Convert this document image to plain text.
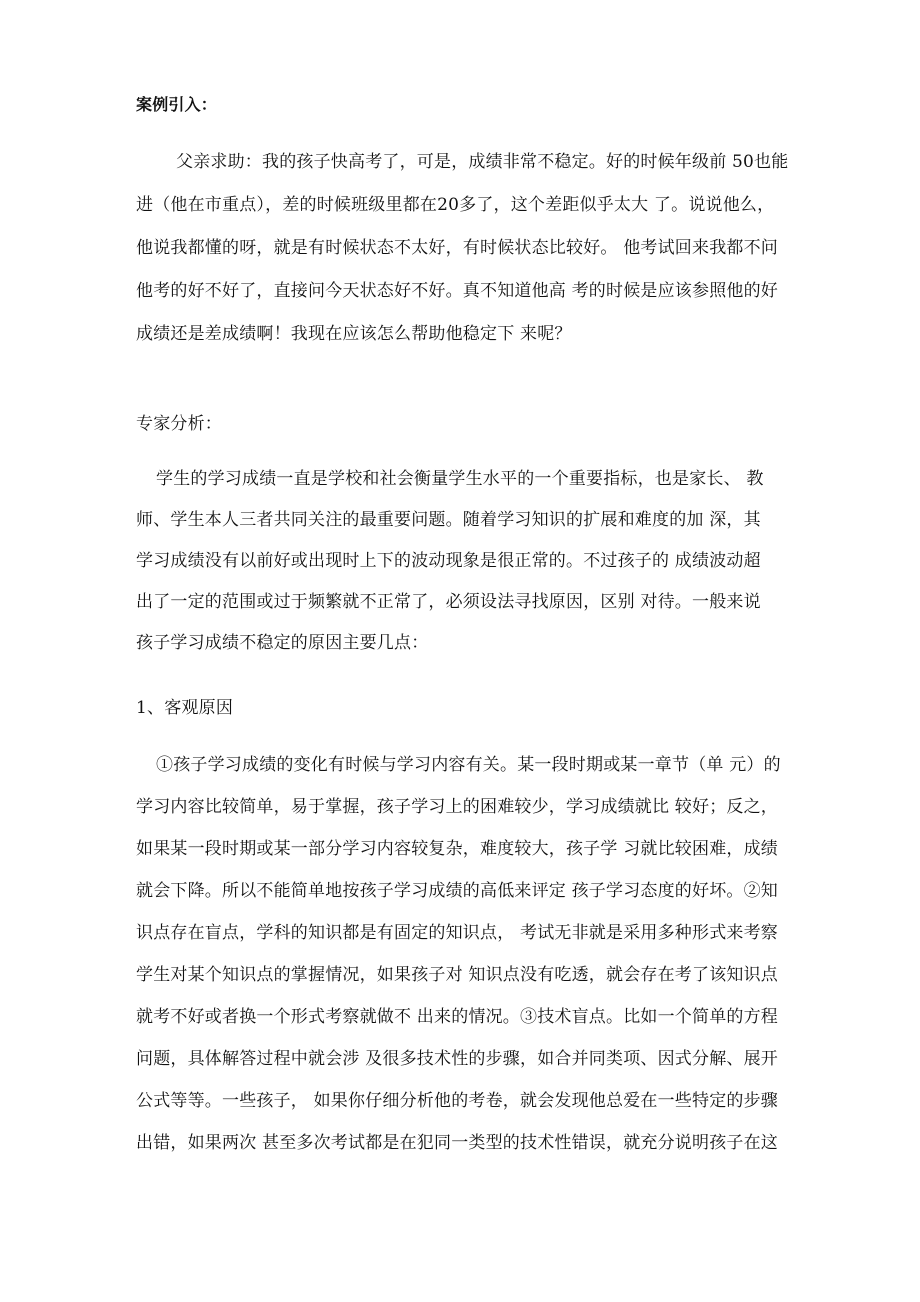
案例引入：

父亲求助：我的孩子快高考了，可是，成绩非常不稳定。好的时候年级前 50也能

进（他在市重点），差的时候班级里都在20多了，这个差距似乎太大 了。说说他么，

他说我都懂的呀，就是有时候状态不太好，有时候状态比较好。 他考试回来我都不问

他考的好不好了，直接问今天状态好不好。真不知道他高 考的时候是应该参照他的好

成绩还是差成绩啊！我现在应该怎么帮助他稳定下 来呢？

专家分析：

学生的学习成绩一直是学校和社会衡量学生水平的一个重要指标，也是家长、 教

师、学生本人三者共同关注的最重要问题。随着学习知识的扩展和难度的加 深，其

学习成绩没有以前好或出现时上下的波动现象是很正常的。不过孩子的 成绩波动超

出了一定的范围或过于频繁就不正常了，必须设法寻找原因，区别 对待。一般来说

孩子学习成绩不稳定的原因主要几点：

1、客观原因

①孩子学习成绩的变化有时候与学习内容有关。某一段时期或某一章节（单 元）的

学习内容比较简单，易于掌握，孩子学习上的困难较少，学习成绩就比 较好；反之，

如果某一段时期或某一部分学习内容较复杂，难度较大，孩子学 习就比较困难，成绩

就会下降。所以不能简单地按孩子学习成绩的高低来评定 孩子学习态度的好坏。②知

识点存在盲点，学科的知识都是有固定的知识点， 考试无非就是采用多种形式来考察

学生对某个知识点的掌握情况，如果孩子对 知识点没有吃透，就会存在考了该知识点

就考不好或者换一个形式考察就做不 出来的情况。③技术盲点。比如一个简单的方程

问题，具体解答过程中就会涉 及很多技术性的步骤，如合并同类项、因式分解、展开

公式等等。一些孩子， 如果你仔细分析他的考卷，就会发现他总爱在一些特定的步骤

出错，如果两次 甚至多次考试都是在犯同一类型的技术性错误，就充分说明孩子在这
